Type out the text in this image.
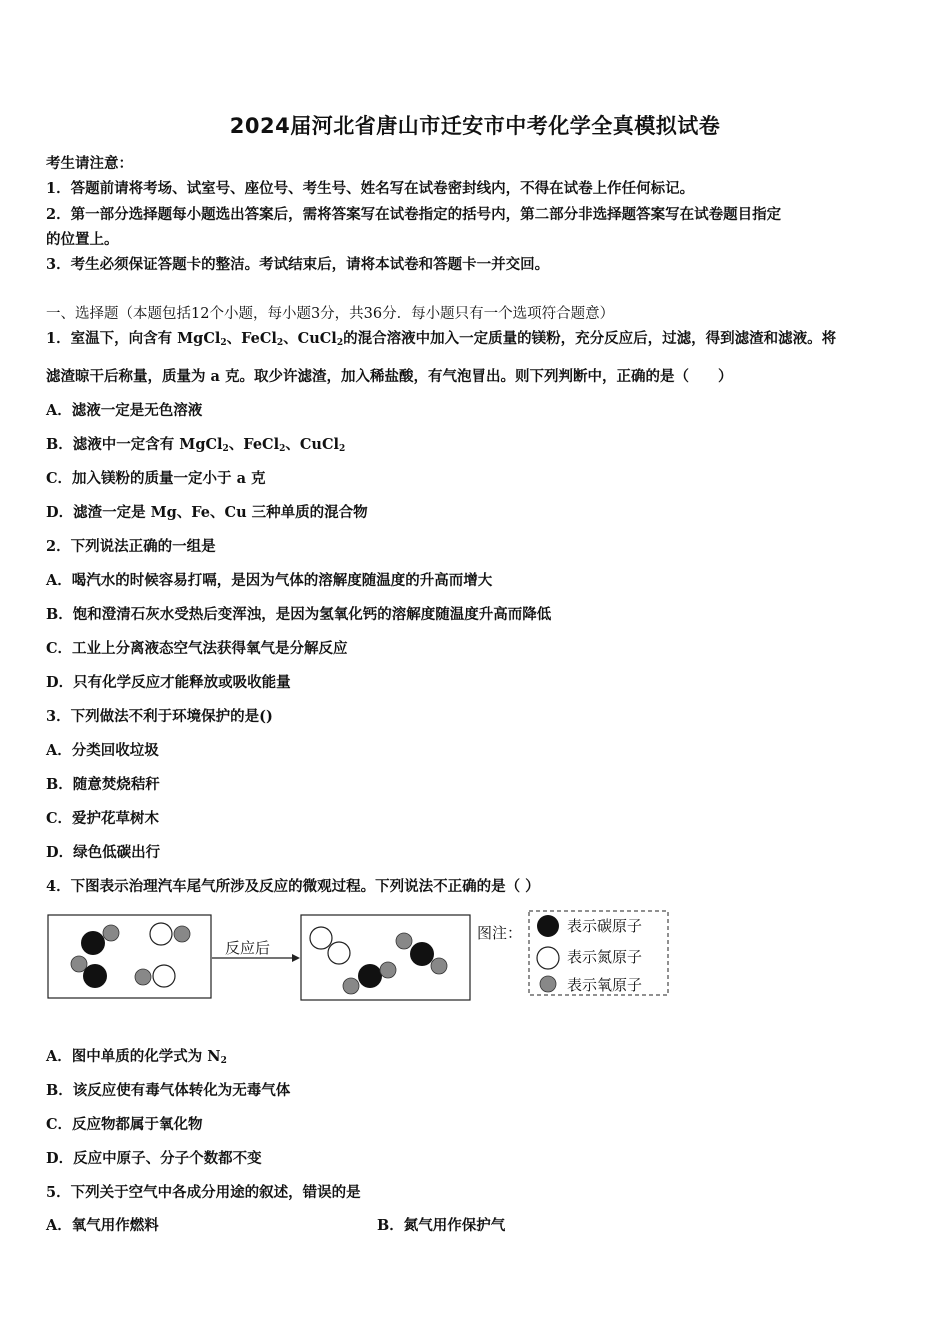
2024届河北省唐山市迁安市中考化学全真模拟试卷
考生请注意：
1．答题前请将考场、试室号、座位号、考生号、姓名写在试卷密封线内，不得在试卷上作任何标记。
2．第一部分选择题每小题选出答案后，需将答案写在试卷指定的括号内，第二部分非选择题答案写在试卷题目指定
的位置上。
3．考生必须保证答题卡的整洁。考试结束后，请将本试卷和答题卡一并交回。
一、选择题（本题包括12个小题，每小题3分，共36分．每小题只有一个选项符合题意）
1．室温下，向含有 MgCl$_2$、FeCl$_2$、CuCl$_2$的混合溶液中加入一定质量的镁粉，充分反应后，过滤，得到滤渣和滤液。将
滤渣晾干后称量，质量为 a 克。取少许滤渣，加入稀盐酸，有气泡冒出。则下列判断中，正确的是（　　）
A．滤液一定是无色溶液
B．滤液中一定含有 MgCl$_2$、FeCl$_2$、CuCl$_2$
C．加入镁粉的质量一定小于 a 克
D．滤渣一定是 Mg、Fe、Cu 三种单质的混合物
2．下列说法正确的一组是
A．喝汽水的时候容易打嗝，是因为气体的溶解度随温度的升高而增大
B．饱和澄清石灰水受热后变浑浊，是因为氢氧化钙的溶解度随温度升高而降低
C．工业上分离液态空气法获得氧气是分解反应
D．只有化学反应才能释放或吸收能量
3．下列做法不利于环境保护的是()
A．分类回收垃圾
B．随意焚烧秸秆
C．爱护花草树木
D．绿色低碳出行
4．下图表示治理汽车尾气所涉及反应的微观过程。下列说法不正确的是（ ）
反应后
图注：	表示碳原子
表示氮原子
表示氧原子
A．图中单质的化学式为 $N_2$
B．该反应使有毒气体转化为无毒气体
C．反应物都属于氧化物
D．反应中原子、分子个数都不变
5．下列关于空气中各成分用途的叙述，错误的是
A．氧气用作燃料	B．氮气用作保护气
